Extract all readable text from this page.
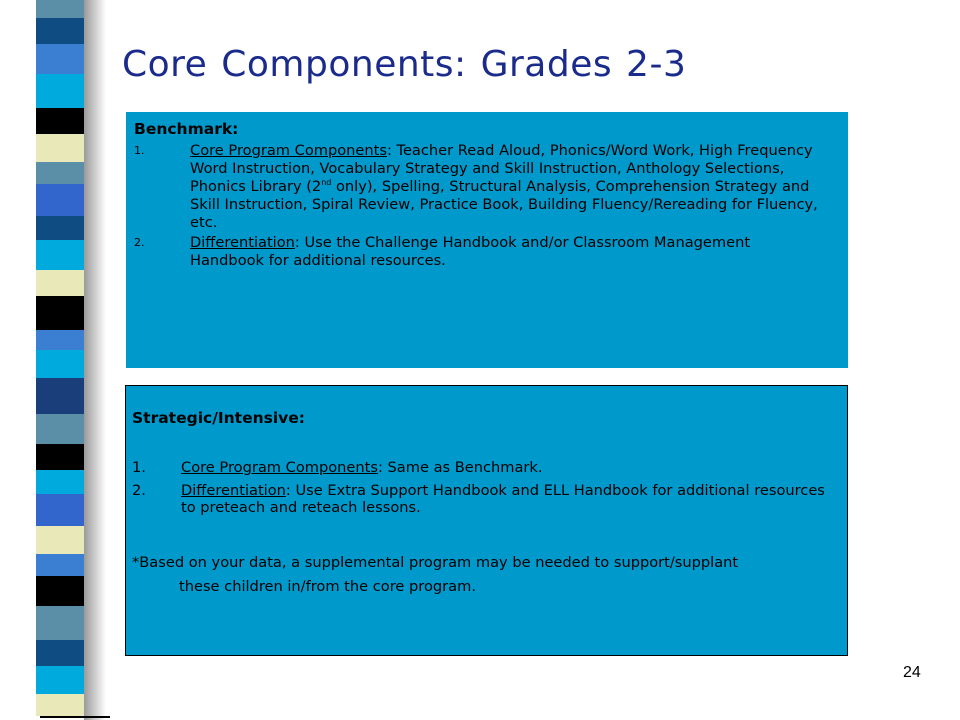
Core Components: Grades 2-3
Benchmark:
1.	Core Program Components: Teacher Read Aloud, Phonics/Word Work, High Frequency Word Instruction, Vocabulary Strategy and Skill Instruction, Anthology Selections, Phonics Library (2nd only), Spelling, Structural Analysis, Comprehension Strategy and Skill Instruction, Spiral Review, Practice Book, Building Fluency/Rereading for Fluency, etc.
2.	Differentiation: Use the Challenge Handbook and/or Classroom Management Handbook for additional resources.
Strategic/Intensive:
1. Core Program Components: Same as Benchmark.
2. Differentiation: Use Extra Support Handbook and ELL Handbook for additional resources to preteach and reteach lessons.
*Based on your data, a supplemental program may be needed to support/supplant
these children in/from the core program.
24
